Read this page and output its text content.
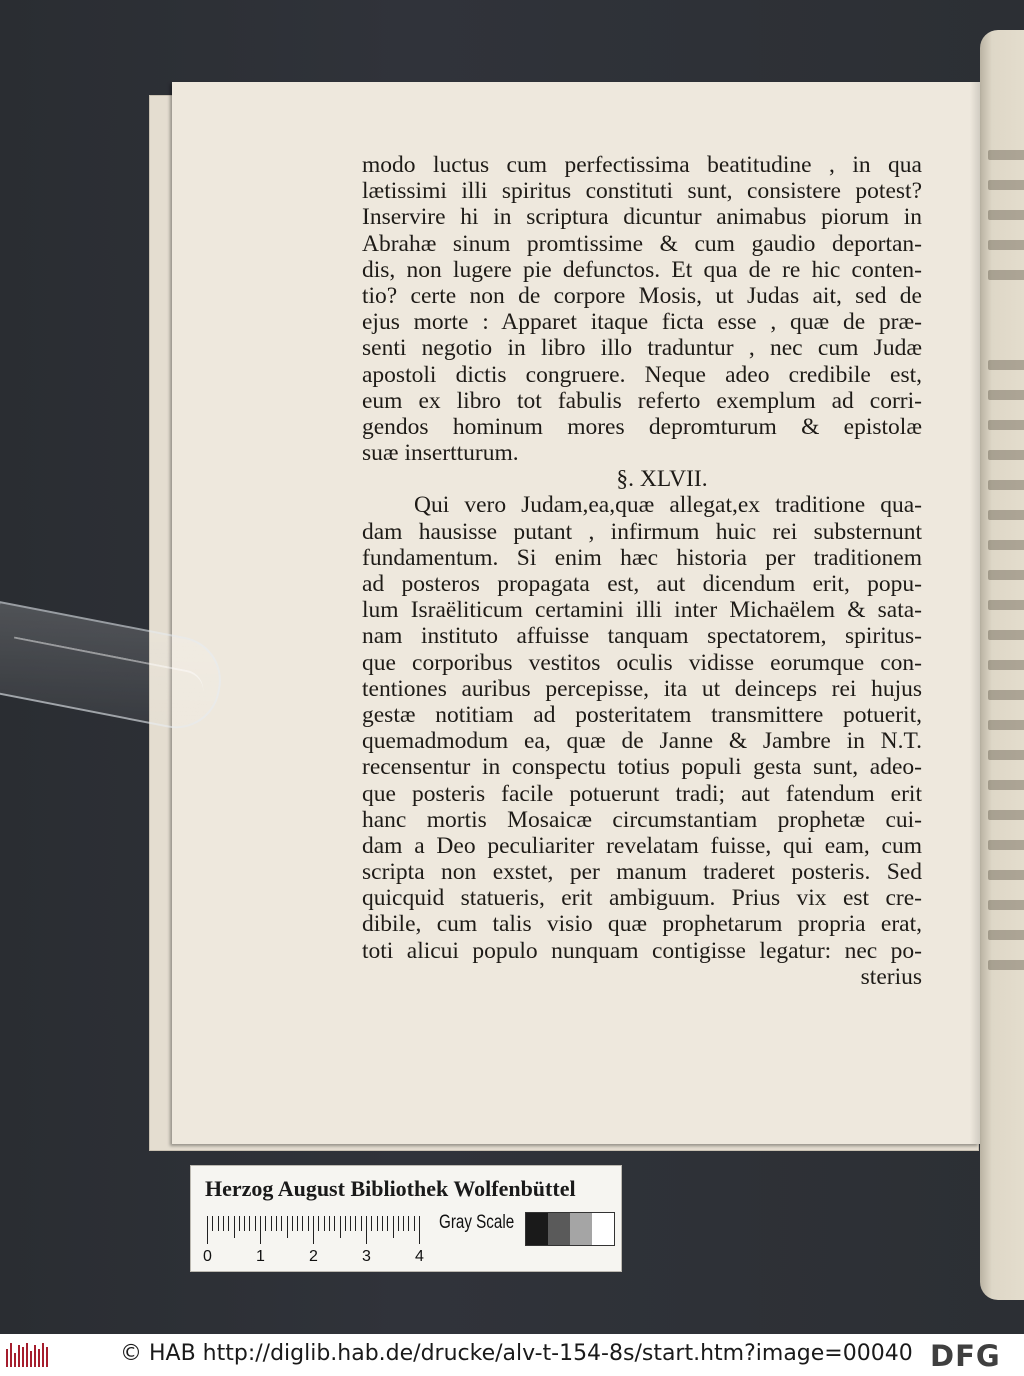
modo luctus cum perfectissima beatitudine , in qua
lætissimi illi spiritus constituti sunt, consistere potest?
Inservire hi in scriptura dicuntur animabus piorum in
Abrahæ sinum promtissime & cum gaudio deportan-
dis, non lugere pie defunctos. Et qua de re hic conten-
tio? certe non de corpore Mosis, ut Judas ait, sed de
ejus morte : Apparet itaque ficta esse , quæ de præ-
senti negotio in libro illo traduntur , nec cum Judæ
apostoli dictis congruere. Neque adeo credibile est,
eum ex libro tot fabulis referto exemplum ad corri-
gendos hominum mores depromturum & epistolæ
suæ insertturum.
§. XLVII.
Qui vero Judam,ea,quæ allegat,ex traditione qua-
dam hausisse putant , infirmum huic rei substernunt
fundamentum. Si enim hæc historia per traditionem
ad posteros propagata est, aut dicendum erit, popu-
lum Israëliticum certamini illi inter Michaëlem & sata-
nam instituto affuisse tanquam spectatorem, spiritus-
que corporibus vestitos oculis vidisse eorumque con-
tentiones auribus percepisse, ita ut deinceps rei hujus
gestæ notitiam ad posteritatem transmittere potuerit,
quemadmodum ea, quæ de Janne & Jambre in N.T.
recensentur in conspectu totius populi gesta sunt, adeo-
que posteris facile potuerunt tradi; aut fatendum erit
hanc mortis Mosaicæ circumstantiam prophetæ cui-
dam a Deo peculiariter revelatam fuisse, qui eam, cum
scripta non exstet, per manum traderet posteris. Sed
quicquid statueris, erit ambiguum. Prius vix est cre-
dibile, cum talis visio quæ prophetarum propria erat,
toti alicui populo nunquam contigisse legatur: nec po-
sterius
Herzog August Bibliothek Wolfenbüttel
0	1	2	3	4
Gray Scale
© HAB http://diglib.hab.de/drucke/alv-t-154-8s/start.htm?image=00040 DFG
